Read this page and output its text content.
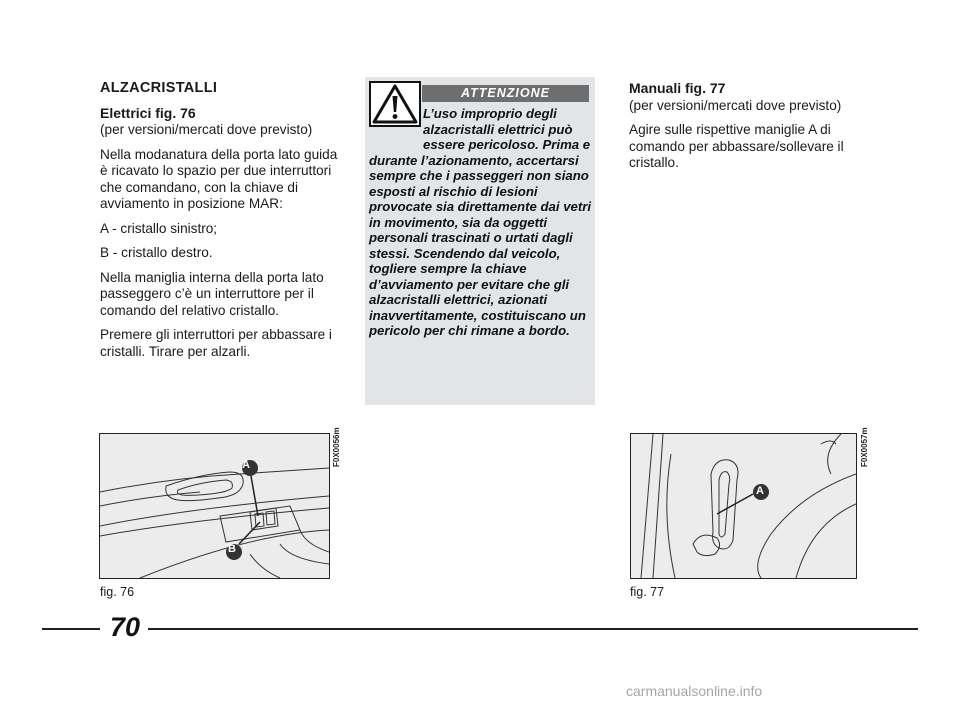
ALZACRISTALLI

Elettrici fig. 76
(per versioni/mercati dove previsto)

Nella modanatura della porta lato guida è ricavato lo spazio per due interruttori che comandano, con la chiave di avviamento in posizione MAR:

A - cristallo sinistro;

B - cristallo destro.

Nella maniglia interna della porta lato passeggero c’è un interruttore per il comando del relativo cristallo.

Premere gli interruttori per abbassare i cristalli. Tirare per alzarli.

ATTENZIONE
L’uso improprio degli alzacristalli elettrici può essere pericoloso. Prima e durante l’azionamento, accertarsi sempre che i passeggeri non siano esposti al rischio di lesioni provocate sia direttamente dai vetri in movimento, sia da oggetti personali trascinati o urtati dagli stessi. Scendendo dal veicolo, togliere sempre la chiave d’avviamento per evitare che gli alzacristalli elettrici, azionati inavvertitamente, costituiscano un pericolo per chi rimane a bordo.

Manuali fig. 77
(per versioni/mercati dove previsto)

Agire sulle rispettive maniglie A di comando per abbassare/sollevare il cristallo.

A
B
F0X0056m
fig. 76
A
F0X0057m
fig. 77
70
carmanualsonline.info
